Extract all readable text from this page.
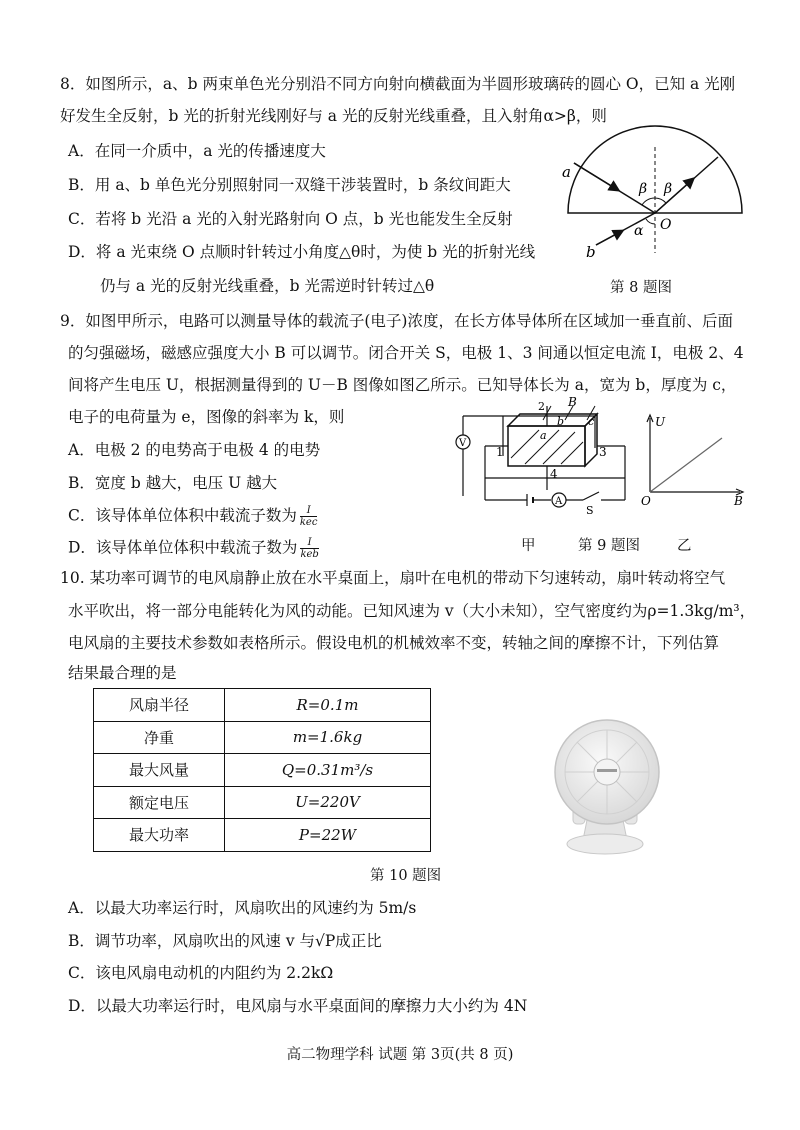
8．如图所示，a、b 两束单色光分别沿不同方向射向横截面为半圆形玻璃砖的圆心 O，已知 a 光刚
好发生全反射，b 光的折射光线刚好与 a 光的反射光线重叠，且入射角α>β，则
A．在同一介质中，a 光的传播速度大
B．用 a、b 单色光分别照射同一双缝干涉装置时，b 条纹间距大
C．若将 b 光沿 a 光的入射光路射向 O 点，b 光也能发生全反射
D．将 a 光束绕 O 点顺时针转过小角度△θ时，为使 b 光的折射光线
仍与 a 光的反射光线重叠，b 光需逆时针转过△θ
a
b
β β
α O
第 8 题图
9．如图甲所示，电路可以测量导体的载流子(电子)浓度，在长方体导体所在区域加一垂直前、后面
的匀强磁场，磁感应强度大小 B 可以调节。闭合开关 S，电极 1、3 间通以恒定电流 I，电极 2、4
间将产生电压 U，根据测量得到的 U－B 图像如图乙所示。已知导体长为 a，宽为 b，厚度为 c，
电子的电荷量为 e，图像的斜率为 k，则
A．电极 2 的电势高于电极 4 的电势
B．宽度 b 越大，电压 U 越大
C．该导体单位体积中载流子数为 $\frac{I}{\text{kec}}$
D．该导体单位体积中载流子数为 $\frac{I}{\text{keb}}$
V
A
S
1
2
3
4
B
a
b c	U
O	B
甲	第 9 题图	乙
10. 某功率可调节的电风扇静止放在水平桌面上，扇叶在电机的带动下匀速转动，扇叶转动将空气
水平吹出，将一部分电能转化为风的动能。已知风速为 v（大小未知），空气密度约为ρ=1.3kg/m³，
电风扇的主要技术参数如表格所示。假设电机的机械效率不变，转轴之间的摩擦不计，下列估算
结果最合理的是
风扇半径	R=0.1m
净重	m=1.6kg
最大风量	Q=0.31m³/s
额定电压	U=220V
最大功率	P=22W
第 10 题图
A．以最大功率运行时，风扇吹出的风速约为 5m/s
B．调节功率，风扇吹出的风速 v 与√P成正比
C．该电风扇电动机的内阻约为 2.2kΩ
D．以最大功率运行时，电风扇与水平桌面间的摩擦力大小约为 4N
高二物理学科 试题 第 3页(共 8 页)
